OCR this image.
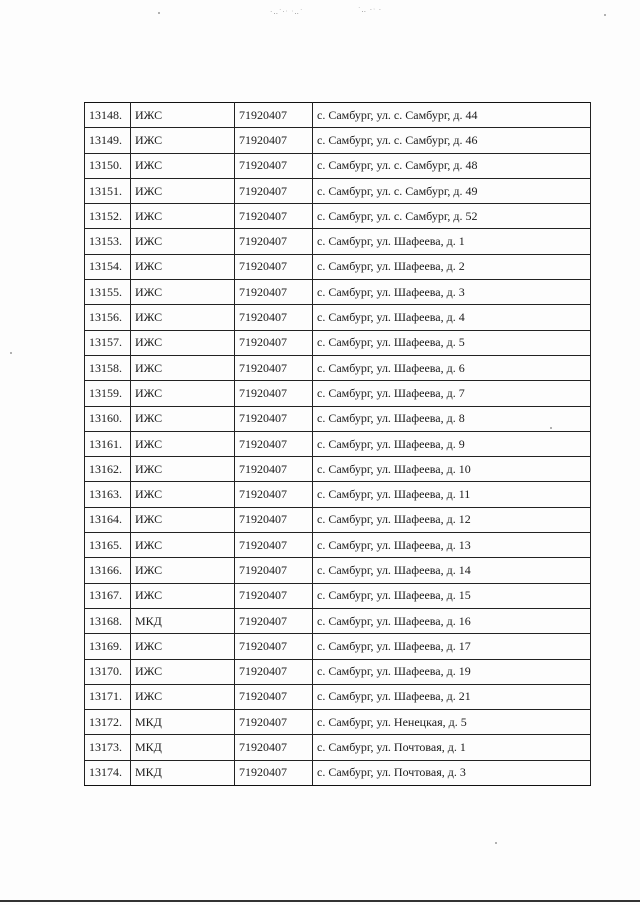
·‥˙·ˑ ˑ‥˙	˙‥ ·ˑ ·
13148.	ИЖС	71920407	с. Самбург, ул. с. Самбург, д. 44
13149.	ИЖС	71920407	с. Самбург, ул. с. Самбург, д. 46
13150.	ИЖС	71920407	с. Самбург, ул. с. Самбург, д. 48
13151.	ИЖС	71920407	с. Самбург, ул. с. Самбург, д. 49
13152.	ИЖС	71920407	с. Самбург, ул. с. Самбург, д. 52
13153.	ИЖС	71920407	с. Самбург, ул. Шафеева, д. 1
13154.	ИЖС	71920407	с. Самбург, ул. Шафеева, д. 2
13155.	ИЖС	71920407	с. Самбург, ул. Шафеева, д. 3
13156.	ИЖС	71920407	с. Самбург, ул. Шафеева, д. 4
13157.	ИЖС	71920407	с. Самбург, ул. Шафеева, д. 5
13158.	ИЖС	71920407	с. Самбург, ул. Шафеева, д. 6
13159.	ИЖС	71920407	с. Самбург, ул. Шафеева, д. 7
13160.	ИЖС	71920407	с. Самбург, ул. Шафеева, д. 8
13161.	ИЖС	71920407	с. Самбург, ул. Шафеева, д. 9
13162.	ИЖС	71920407	с. Самбург, ул. Шафеева, д. 10
13163.	ИЖС	71920407	с. Самбург, ул. Шафеева, д. 11
13164.	ИЖС	71920407	с. Самбург, ул. Шафеева, д. 12
13165.	ИЖС	71920407	с. Самбург, ул. Шафеева, д. 13
13166.	ИЖС	71920407	с. Самбург, ул. Шафеева, д. 14
13167.	ИЖС	71920407	с. Самбург, ул. Шафеева, д. 15
13168.	МКД	71920407	с. Самбург, ул. Шафеева, д. 16
13169.	ИЖС	71920407	с. Самбург, ул. Шафеева, д. 17
13170.	ИЖС	71920407	с. Самбург, ул. Шафеева, д. 19
13171.	ИЖС	71920407	с. Самбург, ул. Шафеева, д. 21
13172.	МКД	71920407	с. Самбург, ул. Ненецкая, д. 5
13173.	МКД	71920407	с. Самбург, ул. Почтовая, д. 1
13174.	МКД	71920407	с. Самбург, ул. Почтовая, д. 3
